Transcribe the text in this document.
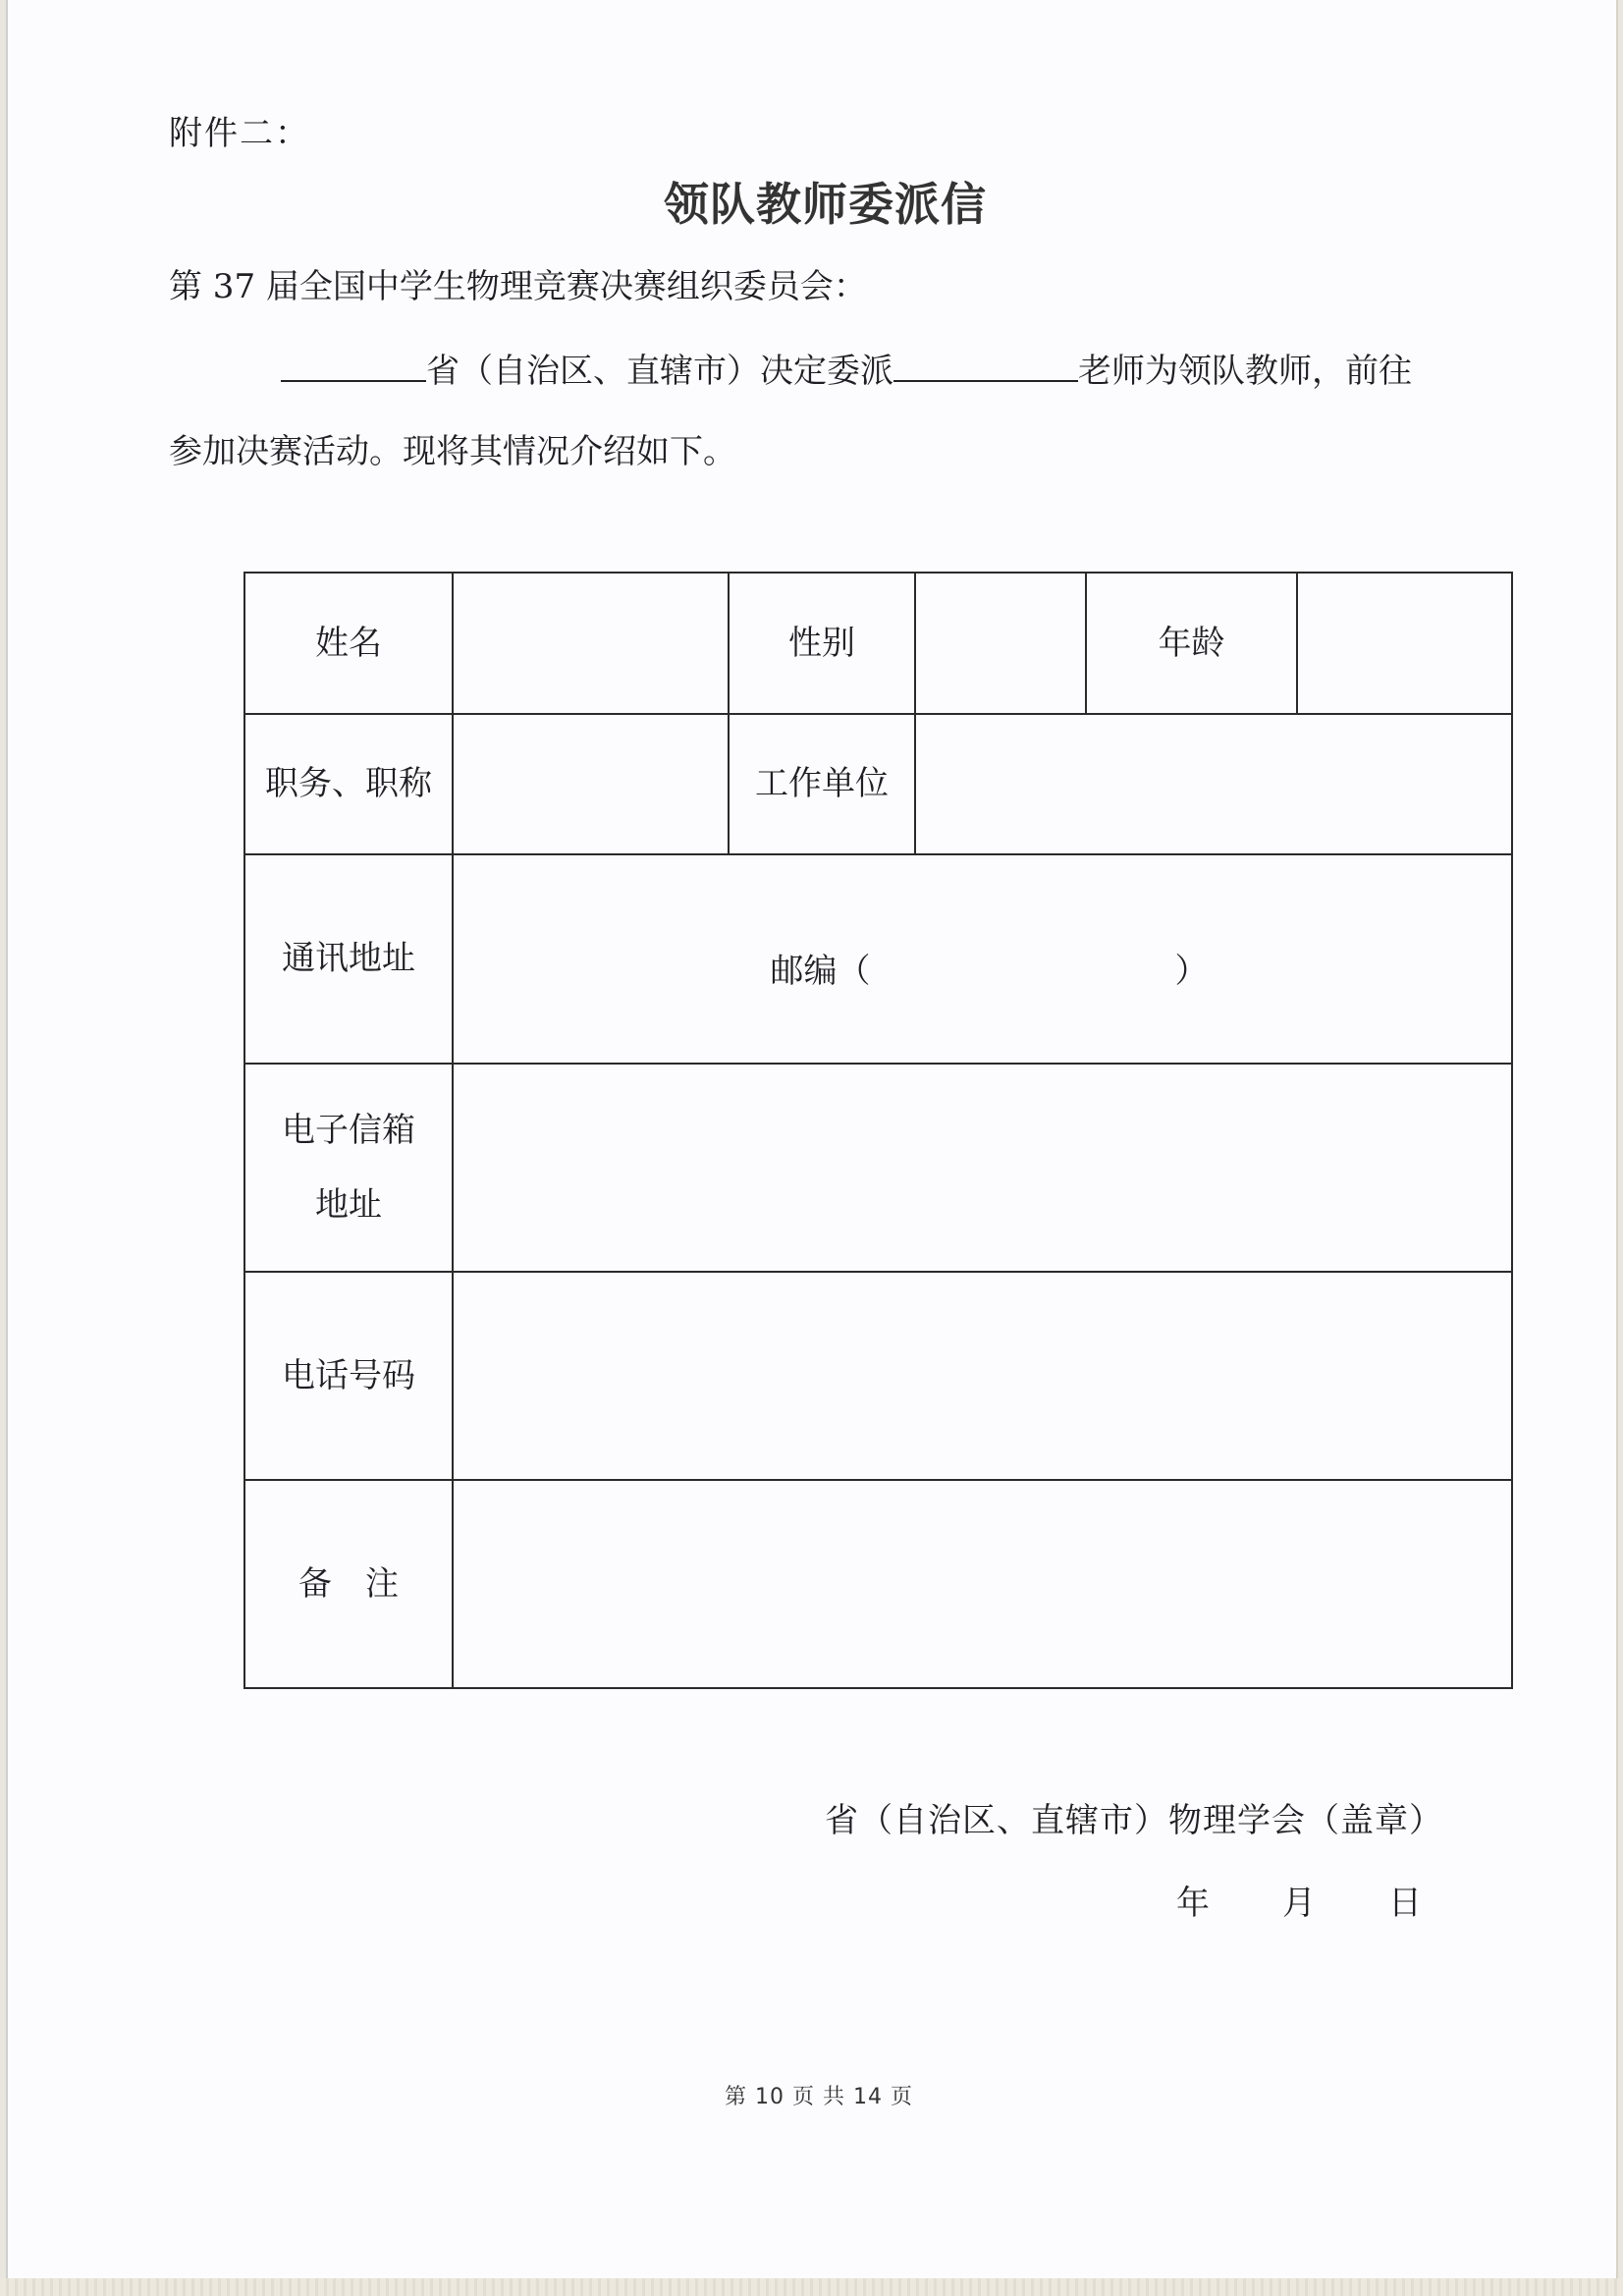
附件二：
领队教师委派信
第 37 届全国中学生物理竞赛决赛组织委员会：
省（自治区、直辖市）决定委派	老师为领队教师，前往
参加决赛活动。现将其情况介绍如下。
姓名		性别		年龄	
职务、职称		工作单位			
通讯地址	邮编（ ）				

电子信箱
地址					

电话号码					
备　注					
省（自治区、直辖市）物理学会（盖章）
年 月 日
第 10 页 共 14 页
